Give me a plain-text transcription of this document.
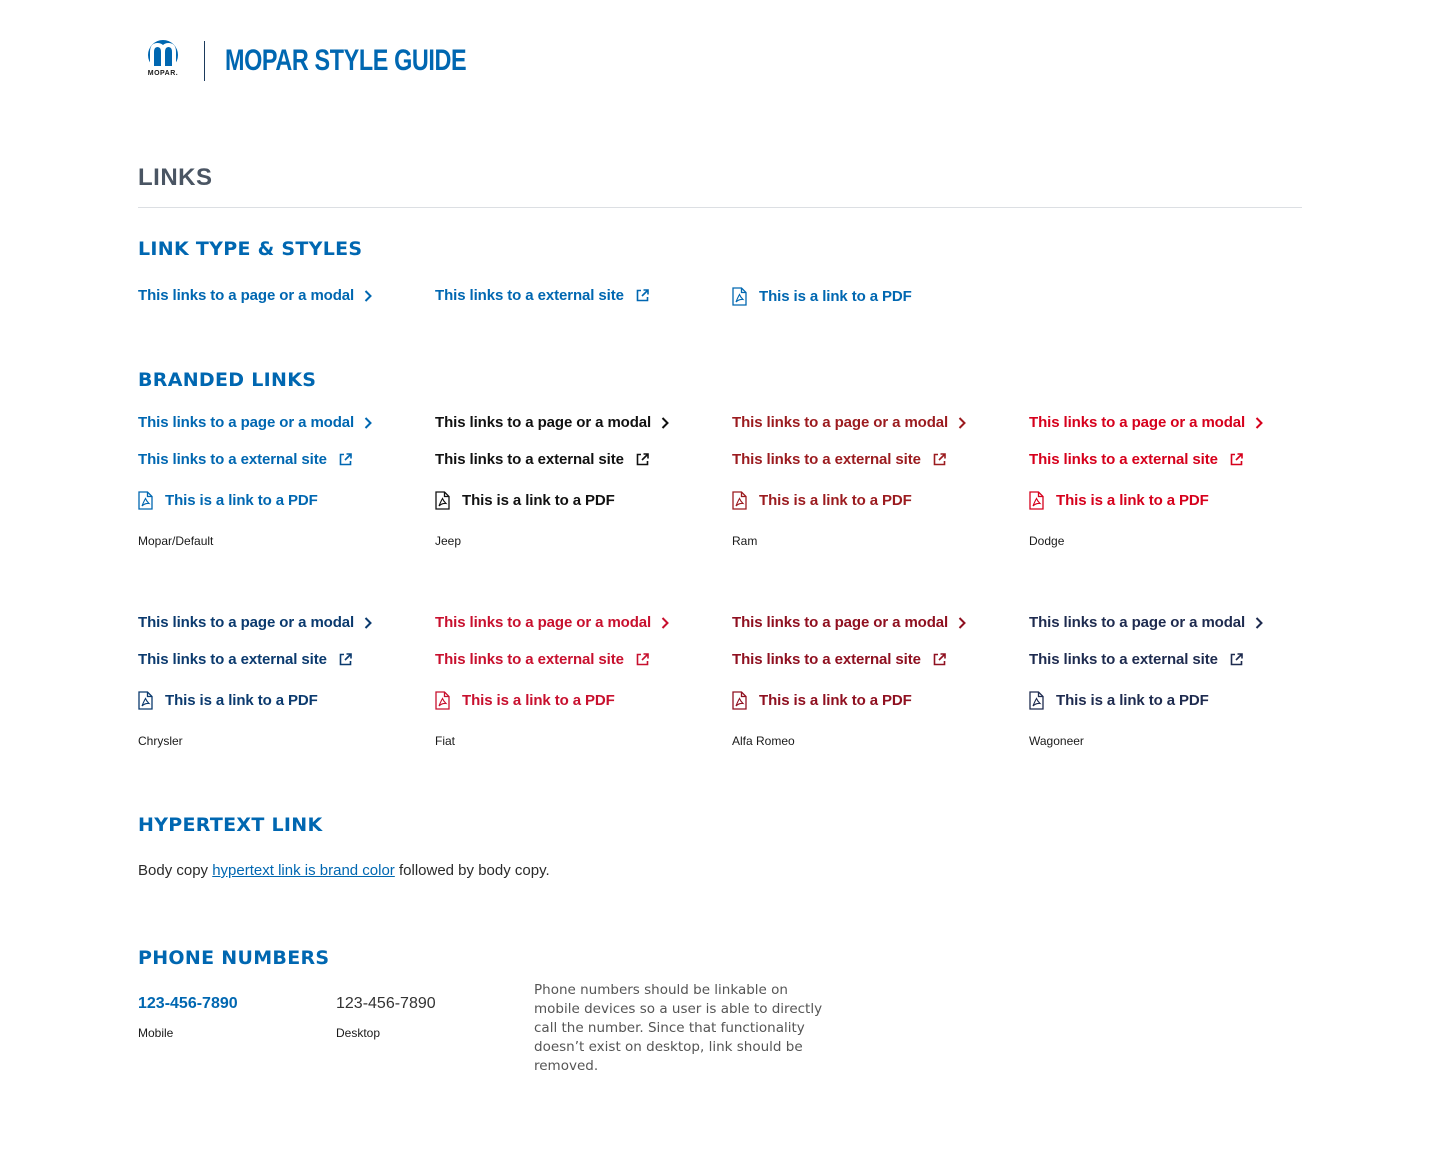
MOPAR. MOPAR STYLE GUIDE
LINKS
LINK TYPE & STYLES
This links to a page or a modal	This links to a external site	This is a link to a PDF
BRANDED LINKS
This links to a page or a modal
This links to a external site
This is a link to a PDF
Mopar/Default
This links to a page or a modal
This links to a external site
This is a link to a PDF
Jeep
This links to a page or a modal
This links to a external site
This is a link to a PDF
Ram
This links to a page or a modal
This links to a external site
This is a link to a PDF
Dodge
This links to a page or a modal
This links to a external site
This is a link to a PDF
Chrysler
This links to a page or a modal
This links to a external site
This is a link to a PDF
Fiat
This links to a page or a modal
This links to a external site
This is a link to a PDF
Alfa Romeo
This links to a page or a modal
This links to a external site
This is a link to a PDF
Wagoneer
HYPERTEXT LINK
Body copy hypertext link is brand color followed by body copy.
PHONE NUMBERS
123-456-7890
Mobile
123-456-7890
Desktop
Phone numbers should be linkable on mobile devices so a user is able to directly call the number. Since that functionality doesn’t exist on desktop, link should be removed.
